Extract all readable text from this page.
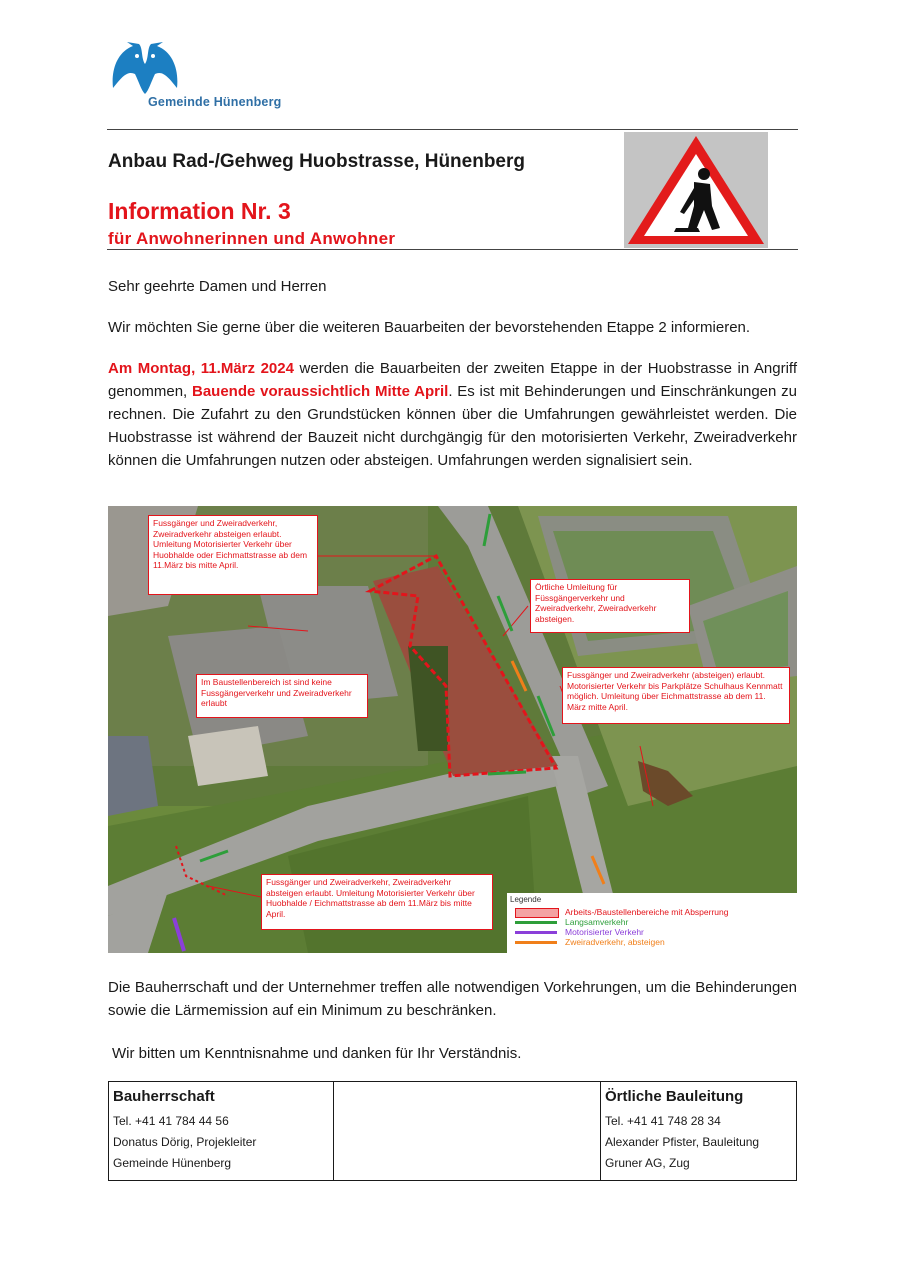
Gemeinde Hünenberg
Anbau Rad-/Gehweg Huobstrasse, Hünenberg
Information Nr. 3
für Anwohnerinnen und Anwohner
Sehr geehrte Damen und Herren
Wir möchten Sie gerne über die weiteren Bauarbeiten der bevorstehenden Etappe 2 informieren.
Am Montag, 11.März 2024 werden die Bauarbeiten der zweiten Etappe in der Huobstrasse in Angriff genommen, Bauende voraussichtlich Mitte April. Es ist mit Behinderungen und Einschränkungen zu rechnen. Die Zufahrt zu den Grundstücken können über die Umfahrungen gewährleistet werden. Die Huobstrasse ist während der Bauzeit nicht durchgängig für den motorisierten Verkehr, Zweiradverkehr können die Umfahrungen nutzen oder absteigen. Umfahrungen werden signalisiert sein.
Fussgänger und Zweiradverkehr, Zweiradverkehr absteigen erlaubt. Umleitung Motorisierter Verkehr über Huobhalde oder Eichmattstrasse ab dem 11.März bis mitte April.
Örtliche Umleitung für Füssgängerverkehr und Zweiradverkehr, Zweiradverkehr absteigen.
Im Baustellenbereich ist sind keine Fussgängerverkehr und Zweiradverkehr erlaubt
Fussgänger und Zweiradverkehr (absteigen) erlaubt. Motorisierter Verkehr bis Parkplätze Schulhaus Kennmatt möglich. Umleitung über Eichmattstrasse ab dem 11. März mitte April.
Fussgänger und Zweiradverkehr, Zweiradverkehr absteigen erlaubt. Umleitung Motorisierter Verkehr über Huobhalde / Eichmattstrasse ab dem 11.März bis mitte April.
Legende
Arbeits-/Baustellenbereiche mit Absperrung
Langsamverkehr
Motorisierter Verkehr
Zweiradverkehr, absteigen
Die Bauherrschaft und der Unternehmer treffen alle notwendigen Vorkehrungen, um die Behinderungen sowie die Lärmemission auf ein Minimum zu beschränken.
Wir bitten um Kenntnisnahme und danken für Ihr Verständnis.
Bauherrschaft
Tel. +41 41 784 44 56
Donatus Dörig, Projekleiter
Gemeinde Hünenberg

Örtliche Bauleitung
Tel. +41 41 748 28 34
Alexander Pfister, Bauleitung
Gruner AG, Zug
